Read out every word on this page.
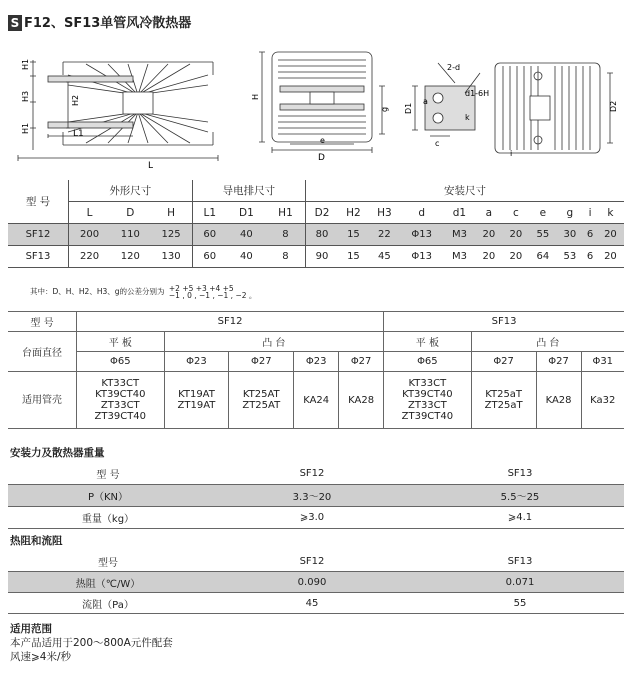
S F12、SF13单管风冷散热器
H1
H3
H1
H2
L1
L
H
g
e
D
2-d
d1-6H
a
k
D1
c
i
D2
型 号	外形尺寸			导电排尺寸			安装尺寸										
	L	D	H	L1	D1	H1	D2	H2	H3	d	d1	a	c	e	g	i	k
SF12	200	110	125	60	40	8	80	15	22	Φ13	M3	20	20	55	30	6	20
SF13	220	120	130	60	40	8	90	15	45	Φ13	M3	20	20	64	53	6	20
其中：D、H、H2、H3、g的公差分别为 +2 +5 +3 +4 +5
−1 , 0 , −1 , −1 , −2 。
型 号	SF12					SF13			
台面直径	平 板	凸 台				平 板	凸 台		
	Φ65	Φ23	Φ27	Φ23	Φ27	Φ65	Φ27	Φ27	Φ31
适用管壳	KT33CT
KT39CT40
ZT33CT
ZT39CT40	KT19AT
ZT19AT	KT25AT
ZT25AT	KA24	KA28	KT33CT
KT39CT40
ZT33CT
ZT39CT40	KT25aT
ZT25aT	KA28	Ka32
安装力及散热器重量
型 号	SF12	SF13
P（KN）	3.3～20	5.5～25
重量（kg）	⩾3.0	⩾4.1
热阻和流阻
型号	SF12	SF13
热阻（℃/W）	0.090	0.071
流阻（Pa）	45	55
适用范围
本产品适用于200～800A元件配套
风速⩾4米/秒
